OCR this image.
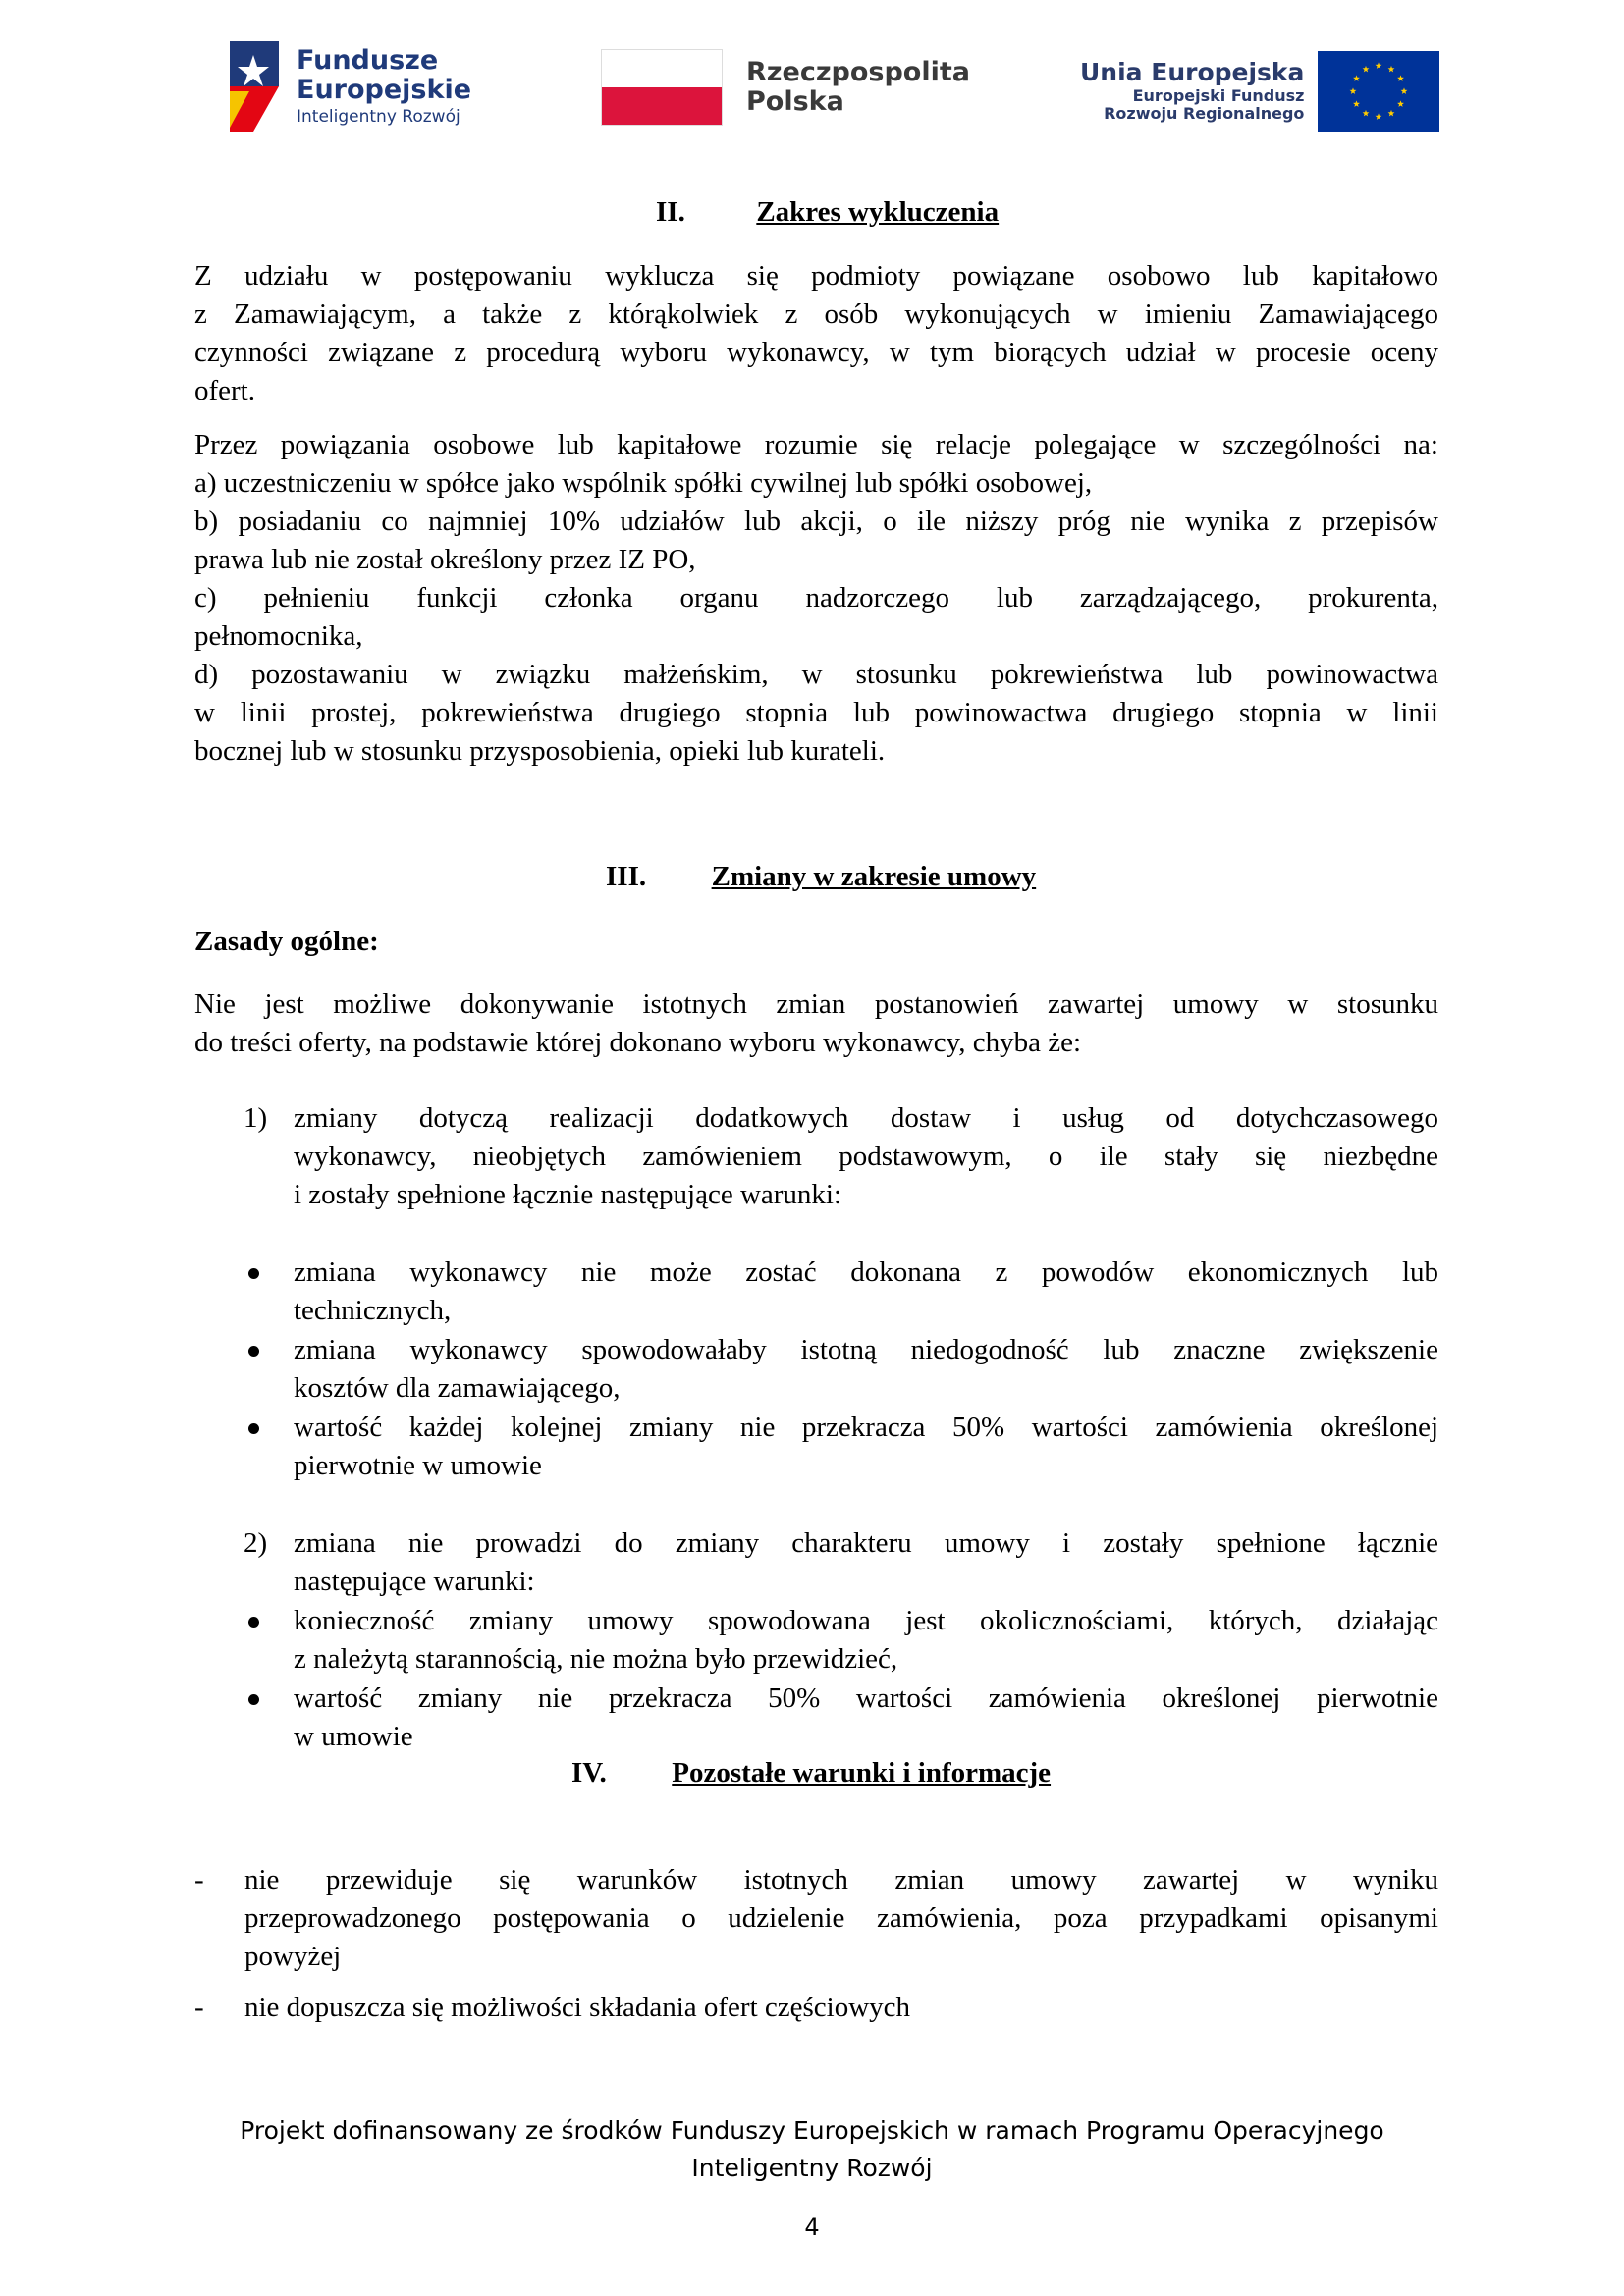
Fundusze
Europejskie
Inteligentny Rozwój
Rzeczpospolita
Polska
Unia Europejska
Europejski Fundusz
Rozwoju Regionalnego
II.	Zakres wykluczenia
Z udziału w postępowaniu wyklucza się podmioty powiązane osobowo lub kapitałowo
z Zamawiającym, a także z którąkolwiek z osób wykonujących w imieniu Zamawiającego
czynności związane z procedurą wyboru wykonawcy, w tym biorących udział w procesie oceny
ofert.
Przez powiązania osobowe lub kapitałowe rozumie się relacje polegające w szczególności na:
a) uczestniczeniu w spółce jako wspólnik spółki cywilnej lub spółki osobowej,
b) posiadaniu co najmniej 10% udziałów lub akcji, o ile niższy próg nie wynika z przepisów
prawa lub nie został określony przez IZ PO,
c) pełnieniu funkcji członka organu nadzorczego lub zarządzającego, prokurenta,
pełnomocnika,
d) pozostawaniu w związku małżeńskim, w stosunku pokrewieństwa lub powinowactwa
w linii prostej, pokrewieństwa drugiego stopnia lub powinowactwa drugiego stopnia w linii
bocznej lub w stosunku przysposobienia, opieki lub kurateli.
III. Zmiany w zakresie umowy
Zasady ogólne:
Nie jest możliwe dokonywanie istotnych zmian postanowień zawartej umowy w stosunku
do treści oferty, na podstawie której dokonano wyboru wykonawcy, chyba że:
1) zmiany dotyczą realizacji dodatkowych dostaw i usług od dotychczasowego
wykonawcy, nieobjętych zamówieniem podstawowym, o ile stały się niezbędne
i zostały spełnione łącznie następujące warunki:
zmiana wykonawcy nie może zostać dokonana z powodów ekonomicznych lub
technicznych,
zmiana wykonawcy spowodowałaby istotną niedogodność lub znaczne zwiększenie
kosztów dla zamawiającego,
wartość każdej kolejnej zmiany nie przekracza 50% wartości zamówienia określonej
pierwotnie w umowie
2) zmiana nie prowadzi do zmiany charakteru umowy i zostały spełnione łącznie
następujące warunki:
konieczność zmiany umowy spowodowana jest okolicznościami, których, działając
z należytą starannością, nie można było przewidzieć,
wartość zmiany nie przekracza 50% wartości zamówienia określonej pierwotnie
w umowie
IV. Pozostałe warunki i informacje
- nie przewiduje się warunków istotnych zmian umowy zawartej w wyniku
przeprowadzonego postępowania o udzielenie zamówienia, poza przypadkami opisanymi
powyżej
- nie dopuszcza się możliwości składania ofert częściowych
Projekt dofinansowany ze środków Funduszy Europejskich w ramach Programu Operacyjnego
Inteligentny Rozwój
4
